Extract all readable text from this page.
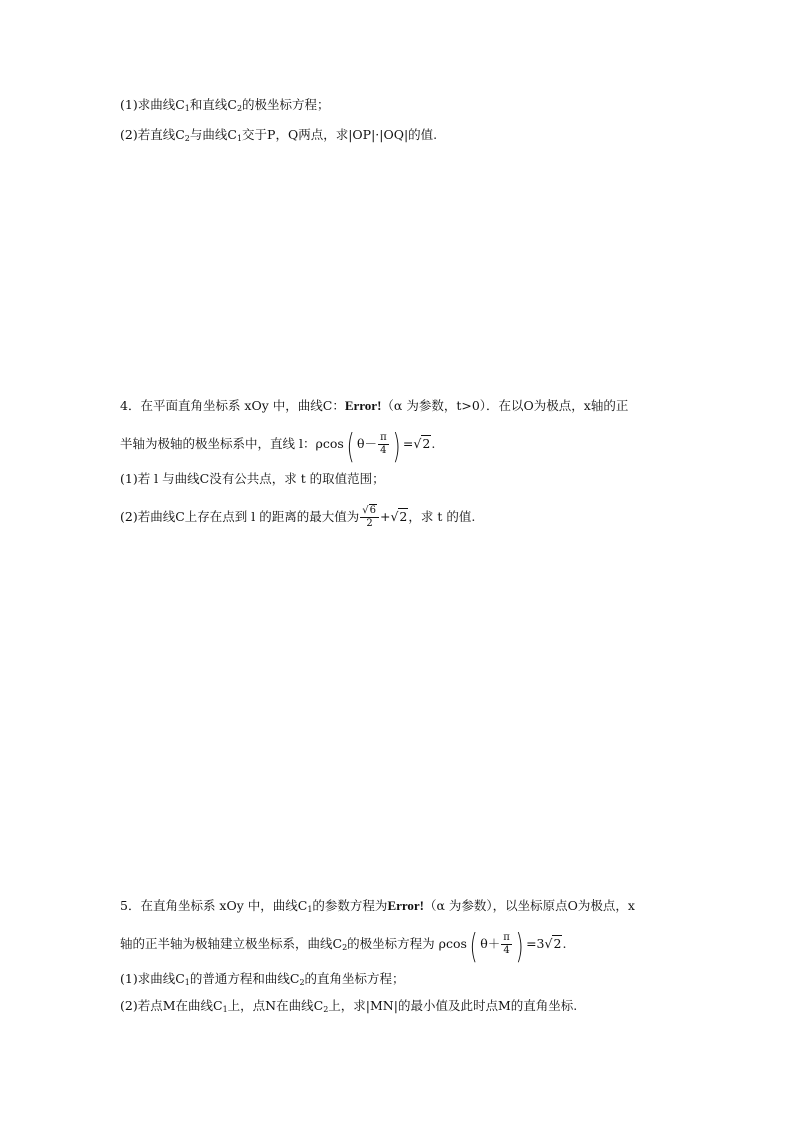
(1)求曲线$C_1$和直线$C_2$的极坐标方程；
(2)若直线$C_2$与曲线$C_1$交于P，Q两点，求|OP|·|OQ|的值.
4．在平面直角坐标系 xOy 中，曲线C：Error!（α 为参数，t>0）．在以O为极点，x轴的正
半轴为极轴的极坐标系中，直线 l：ρcos( $\theta- \frac{\pi}{4}$ ) =√2.
(1)若 l 与曲线C没有公共点，求 t 的取值范围；
(2)若曲线C上存在点到 l 的距离的最大值为 $\frac{√6}{2} +√2$，求 t 的值.
5．在直角坐标系 xOy 中，曲线$C_1$的参数方程为Error!（α 为参数），以坐标原点O为极点，x
轴的正半轴为极轴建立极坐标系，曲线$C_2$的极坐标方程为 ρcos( $\theta+ \frac{\pi}{4}$ ) =3√2.
(1)求曲线$C_1$的普通方程和曲线$C_2$的直角坐标方程；
(2)若点M在曲线$C_1$上，点N在曲线$C_2$上，求|MN|的最小值及此时点M的直角坐标.
